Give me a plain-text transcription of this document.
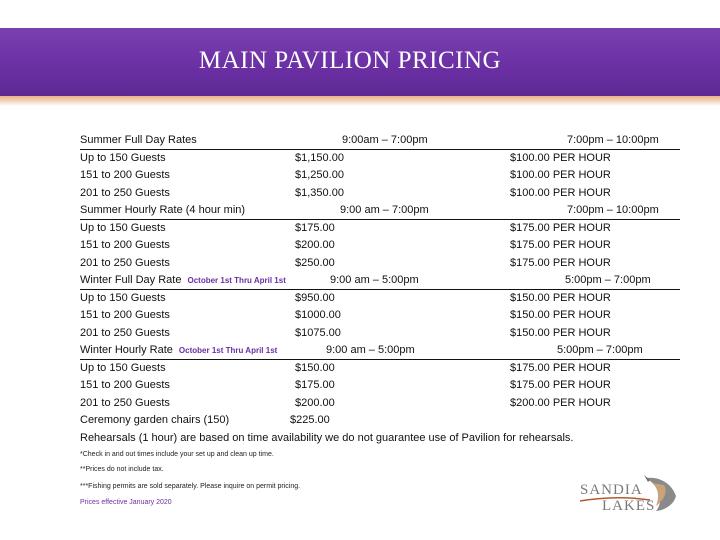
MAIN PAVILION PRICING
Summer Full Day Rates	9:00am – 7:00pm	7:00pm – 10:00pm
Up to 150 Guests	$1,150.00	$100.00 PER HOUR
151 to 200 Guests	$1,250.00	$100.00 PER HOUR
201 to 250 Guests	$1,350.00	$100.00 PER HOUR
Summer Hourly Rate (4 hour min)	9:00 am – 7:00pm	7:00pm – 10:00pm
Up to 150 Guests	$175.00	$175.00 PER HOUR
151 to 200 Guests	$200.00	$175.00 PER HOUR
201 to 250 Guests	$250.00	$175.00 PER HOUR
Winter Full Day Rate October 1st Thru April 1st	9:00 am – 5:00pm	5:00pm – 7:00pm
Up to 150 Guests	$950.00	$150.00 PER HOUR
151 to 200 Guests	$1000.00	$150.00 PER HOUR
201 to 250 Guests	$1075.00	$150.00 PER HOUR
Winter Hourly Rate October 1st Thru April 1st	9:00 am – 5:00pm	5:00pm – 7:00pm
Up to 150 Guests	$150.00	$175.00 PER HOUR
151 to 200 Guests	$175.00	$175.00 PER HOUR
201 to 250 Guests	$200.00	$200.00 PER HOUR
Ceremony garden chairs (150)	$225.00
Rehearsals (1 hour) are based on time availability we do not guarantee use of Pavilion for rehearsals.
*Check in and out times include your set up and clean up time.
**Prices do not include tax.
***Fishing permits are sold separately. Please inquire on permit pricing.
Prices effective January 2020
SANDIA
LAKES
